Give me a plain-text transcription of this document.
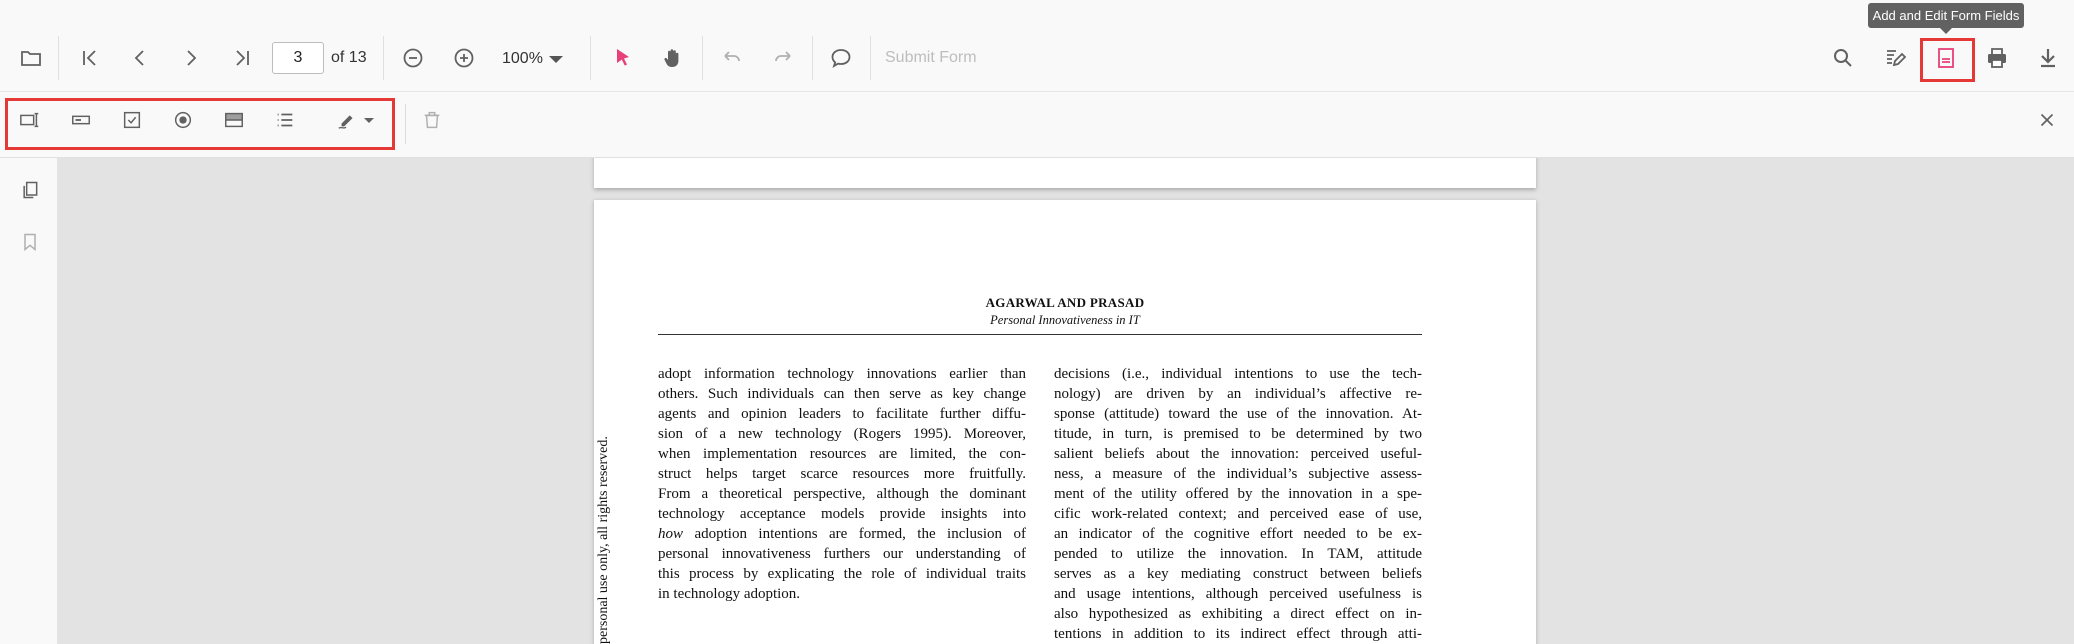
3
of 13	100%	Submit Form
Add and Edit Form Fields
personal use only, all rights reserved.
AGARWAL AND PRASAD
Personal Innovativeness in IT
adopt information technology innovations earlier than
others. Such individuals can then serve as key change
agents and opinion leaders to facilitate further diffu-
sion of a new technology (Rogers 1995). Moreover,
when implementation resources are limited, the con-
struct helps target scarce resources more fruitfully.
From a theoretical perspective, although the dominant
technology acceptance models provide insights into
how adoption intentions are formed, the inclusion of
personal innovativeness furthers our understanding of
this process by explicating the role of individual traits
in technology adoption.
decisions (i.e., individual intentions to use the tech-
nology) are driven by an individual’s affective re-
sponse (attitude) toward the use of the innovation. At-
titude, in turn, is premised to be determined by two
salient beliefs about the innovation: perceived useful-
ness, a measure of the individual’s subjective assess-
ment of the utility offered by the innovation in a spe-
cific work-related context; and perceived ease of use,
an indicator of the cognitive effort needed to be ex-
pended to utilize the innovation. In TAM, attitude
serves as a key mediating construct between beliefs
and usage intentions, although perceived usefulness is
also hypothesized as exhibiting a direct effect on in-
tentions in addition to its indirect effect through atti-
